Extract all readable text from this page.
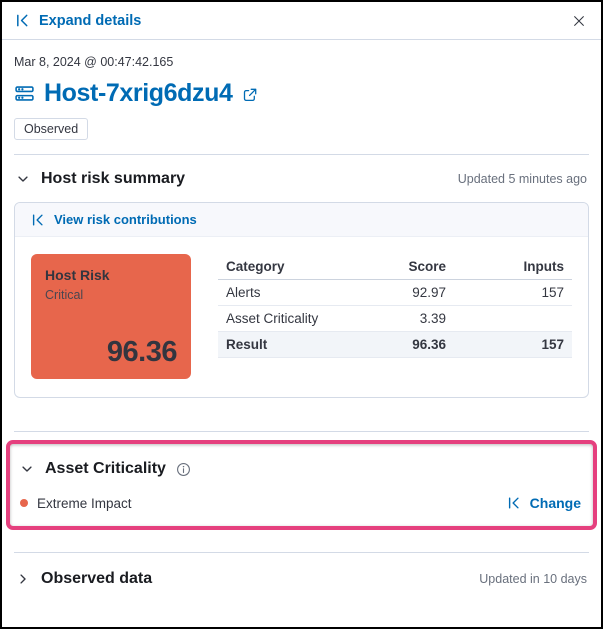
Expand details
Mar 8, 2024 @ 00:47:42.165
Host-7xrig6dzu4
Observed
Host risk summary	Updated 5 minutes ago
View risk contributions
Host Risk
Critical
96.36
Category	Score	Inputs
Alerts	92.97	157
Asset Criticality	3.39	
Result	96.36	157
Asset Criticality
Extreme Impact	Change
Observed data	Updated in 10 days
